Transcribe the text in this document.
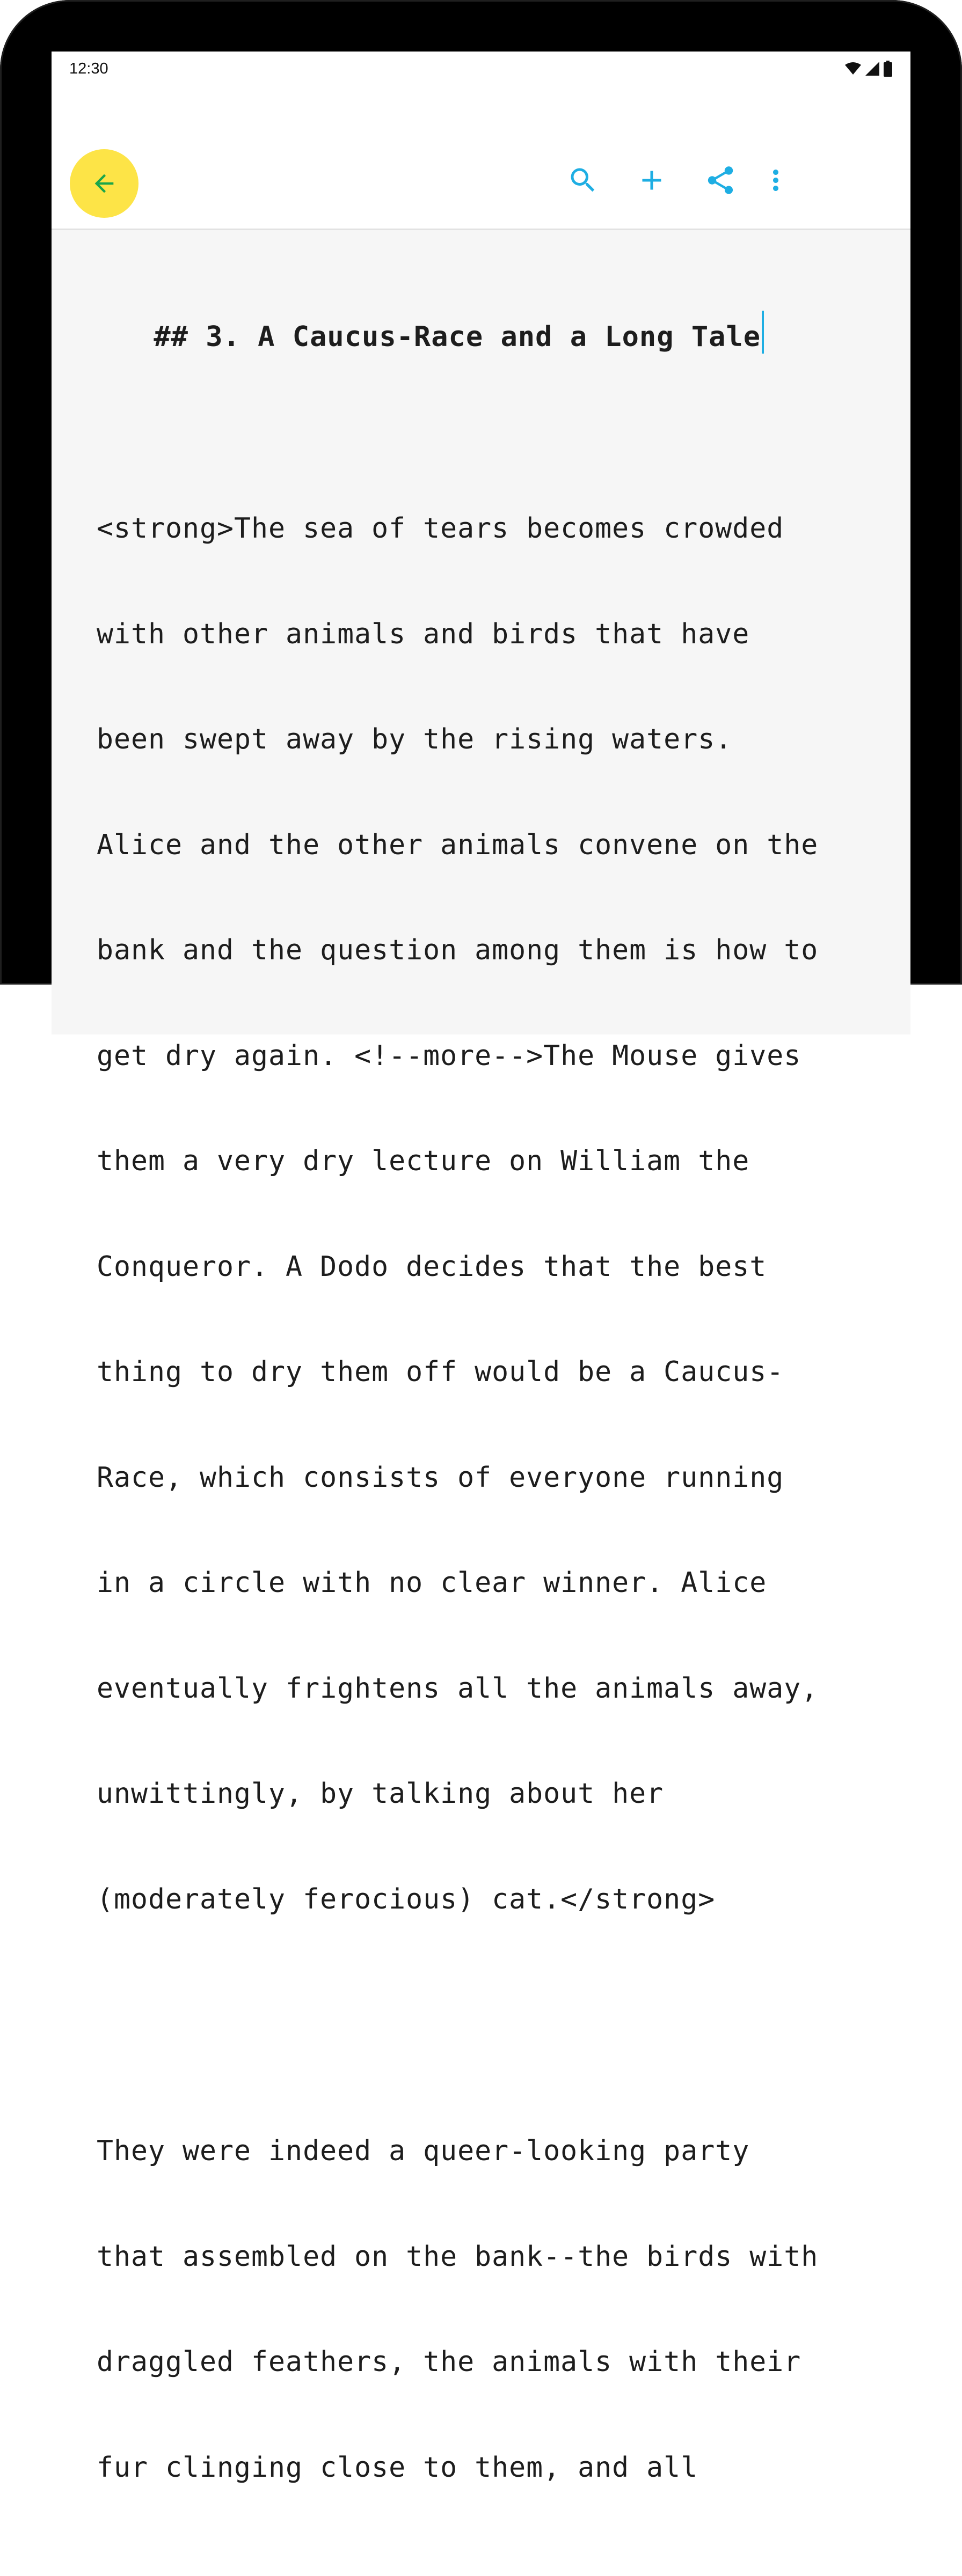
12:30

## 3. A Caucus-Race and a Long Tale

<strong>The sea of tears becomes crowded

with other animals and birds that have

been swept away by the rising waters.

Alice and the other animals convene on the

bank and the question among them is how to

get dry again. <!--more-->The Mouse gives

them a very dry lecture on William the

Conqueror. A Dodo decides that the best

thing to dry them off would be a Caucus-

Race, which consists of everyone running

in a circle with no clear winner. Alice

eventually frightens all the animals away,

unwittingly, by talking about her

(moderately ferocious) cat.</strong>

They were indeed a queer-looking party

that assembled on the bank--the birds with

draggled feathers, the animals with their

fur clinging close to them, and all
